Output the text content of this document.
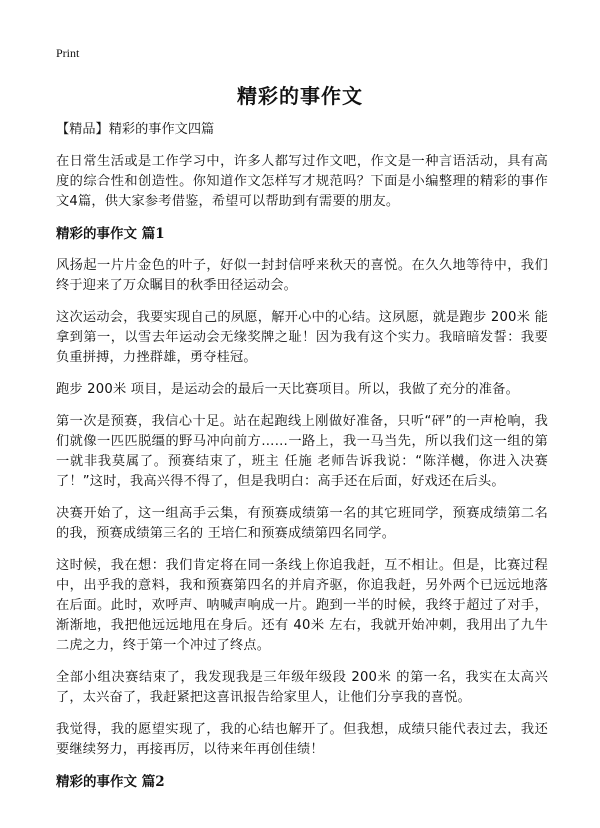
Print
精彩的事作文

【精品】精彩的事作文四篇

在日常生活或是工作学习中，许多人都写过作文吧，作文是一种言语活动，具有高度的综合性和创造性。你知道作文怎样写才规范吗？下面是小编整理的精彩的事作文4篇，供大家参考借鉴，希望可以帮助到有需要的朋友。

精彩的事作文 篇1

风扬起一片片金色的叶子，好似一封封信呼来秋天的喜悦。在久久地等待中，我们终于迎来了万众瞩目的秋季田径运动会。

这次运动会，我要实现自己的夙愿，解开心中的心结。这夙愿，就是跑步 200米 能拿到第一，以雪去年运动会无缘奖牌之耻！因为我有这个实力。我暗暗发誓：我要负重拼搏，力挫群雄，勇夺桂冠。

跑步 200米 项目，是运动会的最后一天比赛项目。所以，我做了充分的准备。

第一次是预赛，我信心十足。站在起跑线上刚做好准备，只听“砰”的一声枪响，我们就像一匹匹脱缰的野马冲向前方……一路上，我一马当先，所以我们这一组的第一就非我莫属了。预赛结束了，班主 任施 老师告诉我说：“陈洋樾，你进入决赛了！”这时，我高兴得不得了，但是我明白：高手还在后面，好戏还在后头。

决赛开始了，这一组高手云集，有预赛成绩第一名的其它班同学，预赛成绩第二名的我，预赛成绩第三名的 王培仁和预赛成绩第四名同学。

这时候，我在想：我们肯定将在同一条线上你追我赶，互不相让。但是，比赛过程中，出乎我的意料，我和预赛第四名的并肩齐驱，你追我赶，另外两个已远远地落在后面。此时，欢呼声、呐喊声响成一片。跑到一半的时候，我终于超过了对手，渐渐地，我把他远远地甩在身后。还有 40米 左右，我就开始冲刺，我用出了九牛二虎之力，终于第一个冲过了终点。

全部小组决赛结束了，我发现我是三年级年级段 200米 的第一名，我实在太高兴了，太兴奋了，我赶紧把这喜讯报告给家里人，让他们分享我的喜悦。

我觉得，我的愿望实现了，我的心结也解开了。但我想，成绩只能代表过去，我还要继续努力，再接再厉，以待来年再创佳绩！

精彩的事作文 篇2
